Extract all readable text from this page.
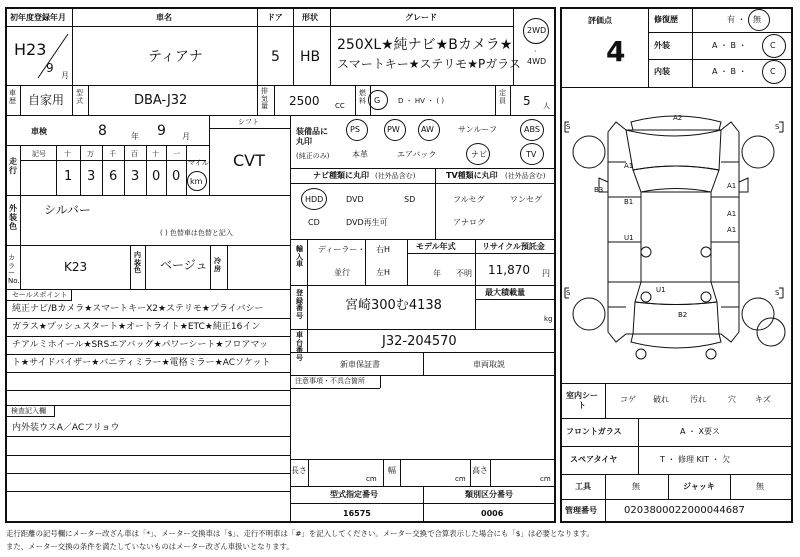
初年度登録年月
H23
9
月
車名
ティアナ
ドア
5
形状
HB
グレード
250XL★純ナビ★Bカメラ★
スマートキー★ステリモ★Pガラス
2WD
·
4WD
車歴 自家用 型式	DBA-J32
排気量 2500 CC
燃料 G	D ・ HV ・ ( )
定員 5 人
車検	8	年 9 月
シフト
CVT
走行
記号	十 万 千 百 十 一
マイル
1 3 6 3 0 0 km
外装色
シルバー
( ) 色替車は色替と記入
カラーNo.
K23
内装色 ベージュ 冷房
セールスポイント
純正ナビ/Bカメラ★スマートキーX2★ステリモ★プライバシー
ガラス★プッシュスタート★オートライト★ETC★純正16イン
チアルミホイール★SRSエアバッグ★パワーシート★フロアマッ
ト★サイドバイザー★バニティミラー★電格ミラー★ACソケット
検査記入欄
内外装ウスA／ACフリョウ
装備品に丸印
(純正のみ)
PS	PW	AW	サンルーフ	ABS
本革	エアバック	ナビ	TV
ナビ種類に丸印 (社外品含む)	TV種類に丸印 (社外品含む)
HDD	DVD	SD
CD	DVD再生可
フルセグ	ワンセグ
アナログ
輸入車
ディーラー・
並行
右H
左H
モデル年式
年 不明
リサイクル預託金
11,870 円
登録番号
宮崎300む4138
最大積載量
kg
車台番号
J32-204570
新車保証書	車両取説
注意事項・不具合箇所
長さ
cm
幅
cm
高さ
cm
型式指定番号
16575
類別区分番号
0006
評価点
4
修復歴	有 ・ 無
外装	A ・ B ・	C
内装	A ・ B ・	C
A2
A1
A1
B3
B1
A1
A1
U1
U1
B2
S	S
S	S
室内シート
コゲ 破れ	汚れ	穴 キズ
フロントガラス	A ・ X要ス
スペアタイヤ	T ・ 修理 KIT ・ 欠
工具	無	ジャッキ	無
管理番号	0203800022000044687
走行距離の記号欄にメーター改ざん車は「*」、メーター交換車は「$」、走行不明車は「#」を記入してください。メーター交換で合算表示した場合にも「$」は必要となります。
また、メーター交換の条件を満たしていないものはメーター改ざん車扱いとなります。
